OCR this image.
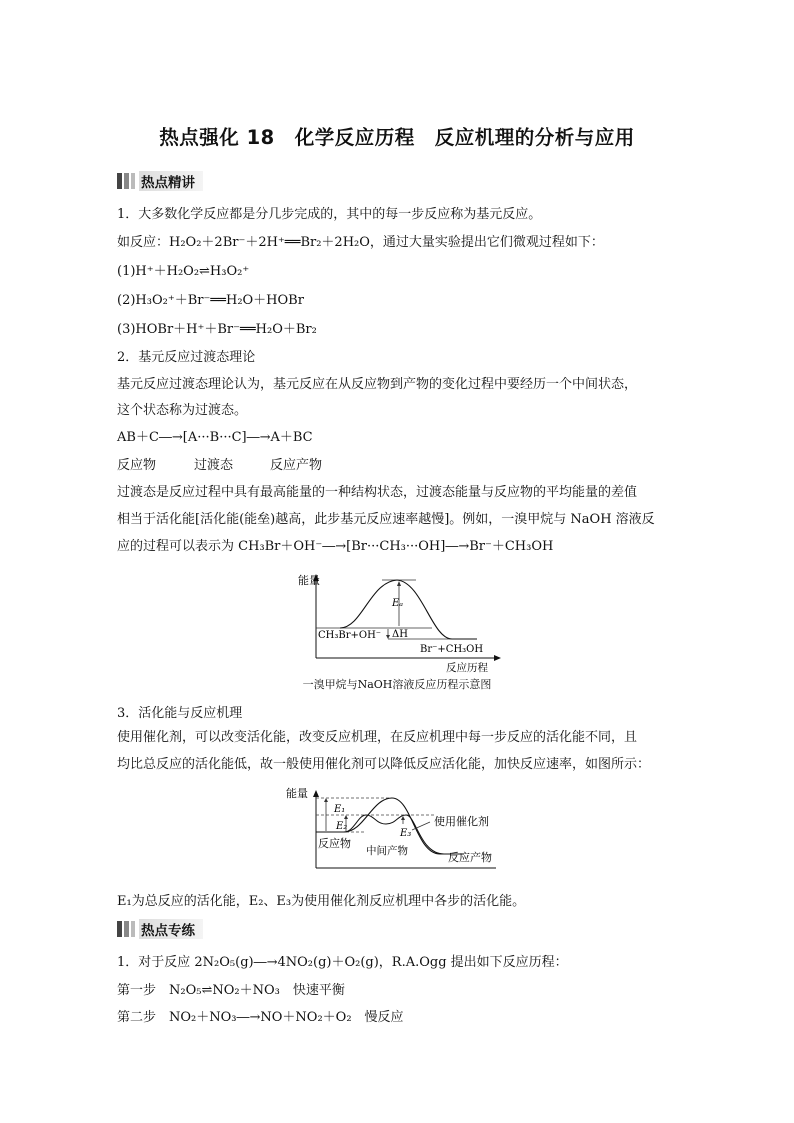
热点强化 18　化学反应历程　反应机理的分析与应用
热点精讲
1．大多数化学反应都是分几步完成的，其中的每一步反应称为基元反应。
如反应：H₂O₂＋2Br⁻＋2H⁺══Br₂＋2H₂O，通过大量实验提出它们微观过程如下：
(1)H⁺＋H₂O₂⇌H₃O₂⁺
(2)H₃O₂⁺＋Br⁻══H₂O＋HOBr
(3)HOBr＋H⁺＋Br⁻══H₂O＋Br₂
2．基元反应过渡态理论
基元反应过渡态理论认为，基元反应在从反应物到产物的变化过程中要经历一个中间状态，
这个状态称为过渡态。
AB＋C―→[A···B···C]―→A＋BC
反应物	过渡态	反应产物
过渡态是反应过程中具有最高能量的一种结构状态，过渡态能量与反应物的平均能量的差值
相当于活化能[活化能(能垒)越高，此步基元反应速率越慢]。例如，一溴甲烷与 NaOH 溶液反
应的过程可以表示为 CH₃Br＋OH⁻―→[Br···CH₃···OH]―→Br⁻＋CH₃OH
能量
Eₐ
CH₃Br+OH⁻ ΔH
Br⁻+CH₃OH
反应历程
一溴甲烷与NaOH溶液反应历程示意图
3．活化能与反应机理
使用催化剂，可以改变活化能，改变反应机理，在反应机理中每一步反应的活化能不同，且
均比总反应的活化能低，故一般使用催化剂可以降低反应活化能，加快反应速率，如图所示：
能量
E₁
E₂
E₃
使用催化剂
反应物
中间产物	反应产物
E₁为总反应的活化能，E₂、E₃为使用催化剂反应机理中各步的活化能。
热点专练
1．对于反应 2N₂O₅(g)―→4NO₂(g)＋O₂(g)，R.A.Ogg 提出如下反应历程：
第一步　N₂O₅⇌NO₂＋NO₃　快速平衡
第二步　NO₂＋NO₃―→NO＋NO₂＋O₂　慢反应
